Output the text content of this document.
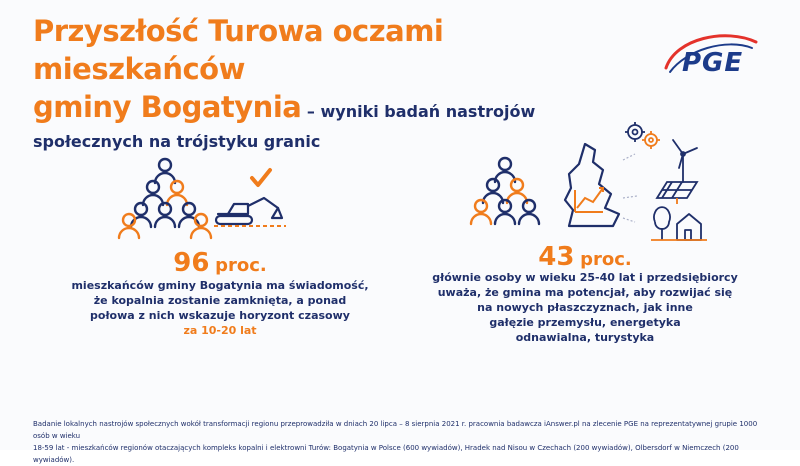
Przyszłość Turowa oczami mieszkańców
gminy Bogatynia – wyniki badań nastrojów
społecznych na trójstyku granic
PGE
96 proc.
mieszkańców gminy Bogatynia ma świadomość,
że kopalnia zostanie zamknięta, a ponad
połowa z nich wskazuje horyzont czasowy
za 10-20 lat
43 proc.
głównie osoby w wieku 25-40 lat i przedsiębiorcy
uważa, że gmina ma potencjał, aby rozwijać się
na nowych płaszczyznach, jak inne
gałęzie przemysłu, energetyka
odnawialna, turystyka
Badanie lokalnych nastrojów społecznych wokół transformacji regionu przeprowadziła w dniach 20 lipca – 8 sierpnia 2021 r. pracownia badawcza iAnswer.pl na zlecenie PGE na reprezentatywnej grupie 1000 osób w wieku
18-59 lat - mieszkańców regionów otaczających kompleks kopalni i elektrowni Turów: Bogatynia w Polsce (600 wywiadów), Hradek nad Nisou w Czechach (200 wywiadów), Olbersdorf w Niemczech (200 wywiadów).
